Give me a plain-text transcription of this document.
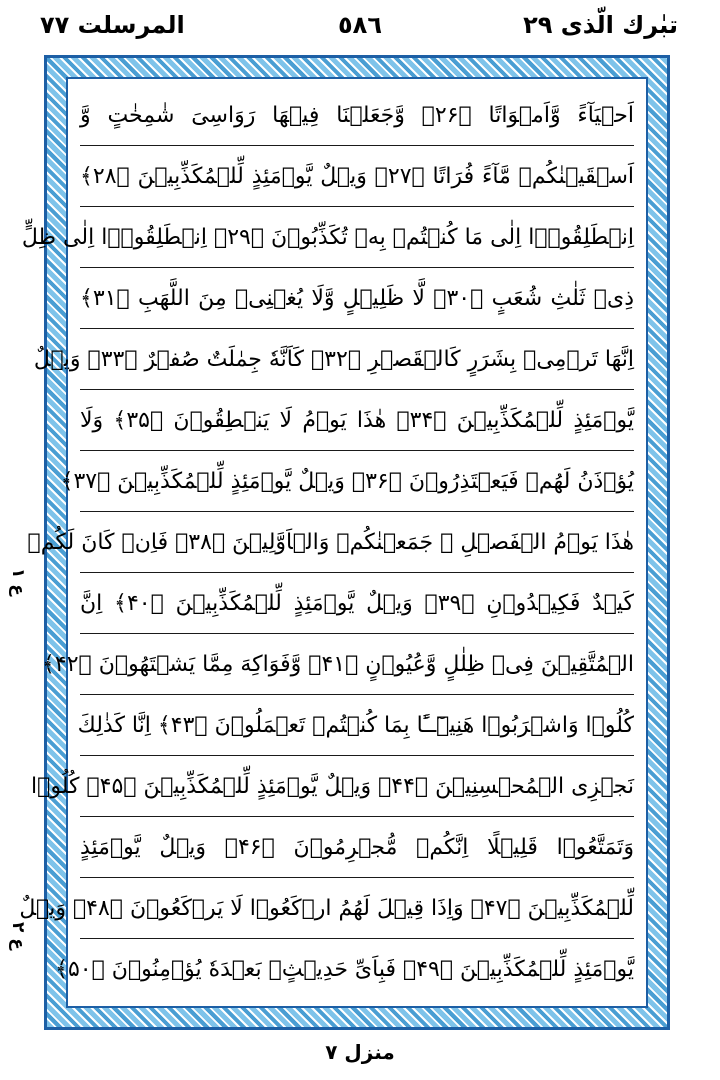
المرسلت ٧٧	٥٨٦	تبٰرك الّذى ٢٩
ع ۱
ع ۲
اَحۡيَآءً وَّاَمۡوَاتًا ﴿۲۶﴾ وَّجَعَلۡنَا فِيۡهَا رَوَاسِىَ شٰمِخٰتٍ وَّ
اَسۡقَيۡنٰكُمۡ مَّآءً فُرَاتًا ﴿۲۷﴾ وَيۡلٌ يَّوۡمَئِذٍ لِّلۡمُكَذِّبِيۡنَ ﴿۲۸﴾
اِنۡطَلِقُوۡۤا اِلٰى مَا كُنۡتُمۡ بِهٖ تُكَذِّبُوۡنَ ﴿۲۹﴾ اِنۡطَلِقُوۡۤا اِلٰى ظِلٍّ
ذِىۡ ثَلٰثِ شُعَبٍ ﴿۳۰﴾ لَّا ظَلِيۡلٍ وَّلَا يُغۡنِىۡ مِنَ اللَّهَبِ ﴿۳۱﴾
اِنَّهَا تَرۡمِىۡ بِشَرَرٍ كَالۡقَصۡرِ ﴿۳۲﴾ كَاَنَّهٗ جِمٰلَتٌ صُفۡرٌ ﴿۳۳﴾ وَيۡلٌ
يَّوۡمَئِذٍ لِّلۡمُكَذِّبِيۡنَ ﴿۳۴﴾ هٰذَا يَوۡمُ لَا يَنۡطِقُوۡنَ ﴿۳۵﴾ وَلَا
يُؤۡذَنُ لَهُمۡ فَيَعۡتَذِرُوۡنَ ﴿۳۶﴾ وَيۡلٌ يَّوۡمَئِذٍ لِّلۡمُكَذِّبِيۡنَ ﴿۳۷﴾
هٰذَا يَوۡمُ الۡفَصۡلِ ۚ جَمَعۡنٰكُمۡ وَالۡاَوَّلِيۡنَ ﴿۳۸﴾ فَاِنۡ كَانَ لَكُمۡ
كَيۡدٌ فَكِيۡدُوۡنِ ﴿۳۹﴾ وَيۡلٌ يَّوۡمَئِذٍ لِّلۡمُكَذِّبِيۡنَ ﴿۴۰﴾ اِنَّ
الۡمُتَّقِيۡنَ فِىۡ ظِلٰلٍ وَّعُيُوۡنٍ ﴿۴۱﴾ وَّفَوَاكِهَ مِمَّا يَشۡتَهُوۡنَ ﴿۴۲﴾
كُلُوۡا وَاشۡرَبُوۡا هَنِيۡٓــًٔا بِمَا كُنۡتُمۡ تَعۡمَلُوۡنَ ﴿۴۳﴾ اِنَّا كَذٰلِكَ
نَجۡزِى الۡمُحۡسِنِيۡنَ ﴿۴۴﴾ وَيۡلٌ يَّوۡمَئِذٍ لِّلۡمُكَذِّبِيۡنَ ﴿۴۵﴾ كُلُوۡا
وَتَمَتَّعُوۡا قَلِيۡلًا اِنَّكُمۡ مُّجۡرِمُوۡنَ ﴿۴۶﴾ وَيۡلٌ يَّوۡمَئِذٍ
لِّلۡمُكَذِّبِيۡنَ ﴿۴۷﴾ وَاِذَا قِيۡلَ لَهُمُ ارۡكَعُوۡا لَا يَرۡكَعُوۡنَ ﴿۴۸﴾ وَيۡلٌ
يَّوۡمَئِذٍ لِّلۡمُكَذِّبِيۡنَ ﴿۴۹﴾ فَبِاَىِّ حَدِيۡثٍۢ بَعۡدَهٗ يُؤۡمِنُوۡنَ ﴿۵۰﴾
منزل ٧
